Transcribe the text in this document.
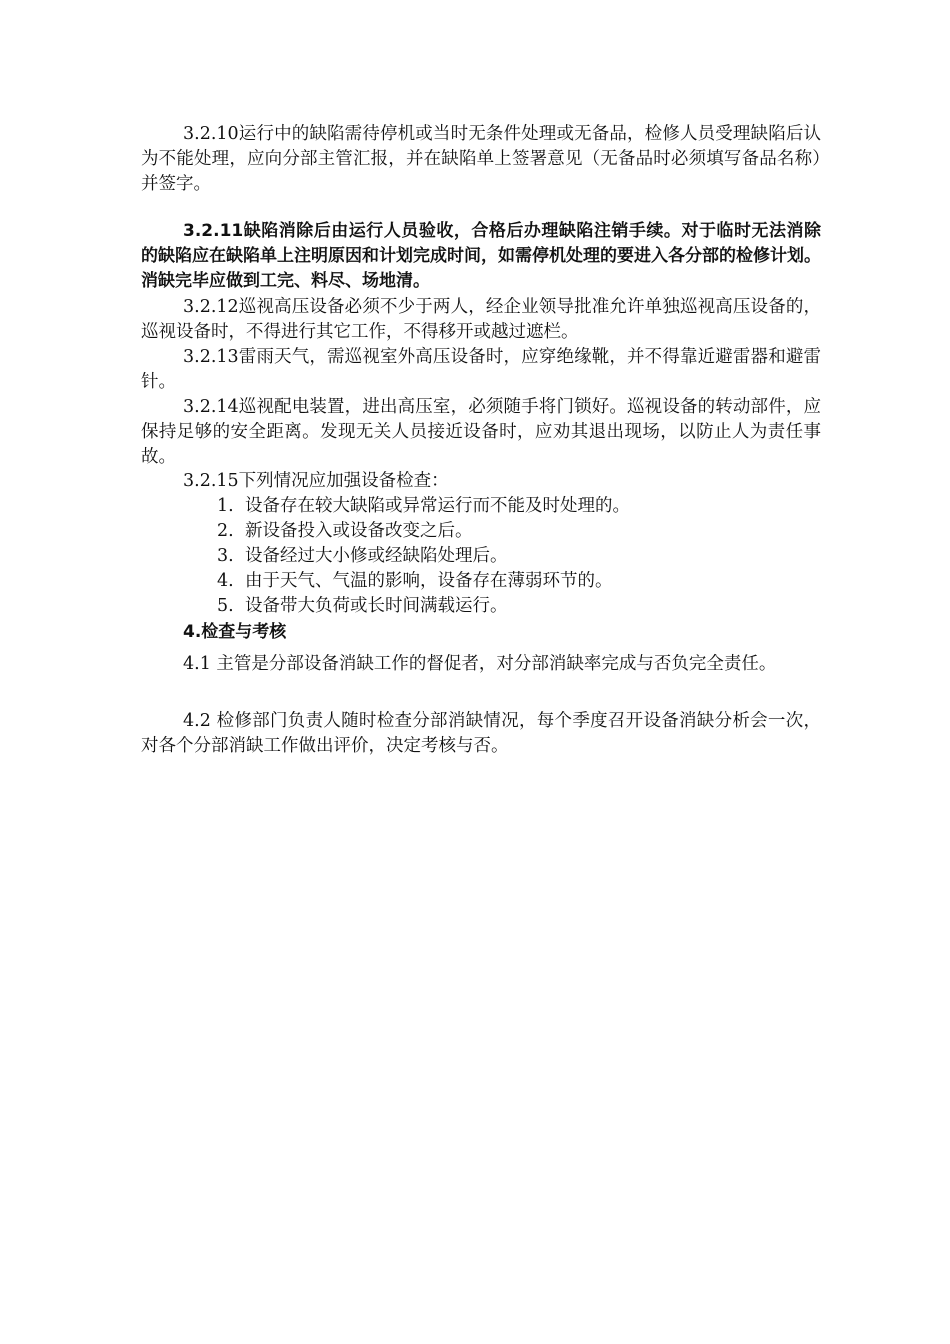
3.2.10运行中的缺陷需待停机或当时无条件处理或无备品，检修人员受理缺陷后认为不能处理，应向分部主管汇报，并在缺陷单上签署意见（无备品时必须填写备品名称）并签字。

3.2.11缺陷消除后由运行人员验收，合格后办理缺陷注销手续。对于临时无法消除的缺陷应在缺陷单上注明原因和计划完成时间，如需停机处理的要进入各分部的检修计划。消缺完毕应做到工完、料尽、场地清。

3.2.12巡视高压设备必须不少于两人，经企业领导批准允许单独巡视高压设备的，巡视设备时，不得进行其它工作，不得移开或越过遮栏。

3.2.13雷雨天气，需巡视室外高压设备时，应穿绝缘靴，并不得靠近避雷器和避雷针。

3.2.14巡视配电装置，进出高压室，必须随手将门锁好。巡视设备的转动部件，应保持足够的安全距离。发现无关人员接近设备时，应劝其退出现场，以防止人为责任事故。

3.2.15下列情况应加强设备检查：

1. 设备存在较大缺陷或异常运行而不能及时处理的。

2. 新设备投入或设备改变之后。

3. 设备经过大小修或经缺陷处理后。

4. 由于天气、气温的影响，设备存在薄弱环节的。

5. 设备带大负荷或长时间满载运行。

4.检查与考核

4.1 主管是分部设备消缺工作的督促者，对分部消缺率完成与否负完全责任。

4.2 检修部门负责人随时检查分部消缺情况，每个季度召开设备消缺分析会一次，对各个分部消缺工作做出评价，决定考核与否。
